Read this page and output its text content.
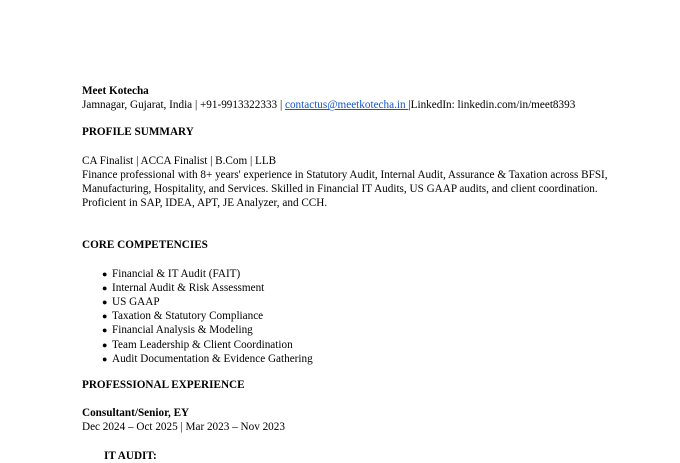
Meet Kotecha

Jamnagar, Gujarat, India | +91-9913322333 | contactus@meetkotecha.in |LinkedIn: linkedin.com/in/meet8393

PROFILE SUMMARY

CA Finalist | ACCA Finalist | B.Com | LLB

Finance professional with 8+ years' experience in Statutory Audit, Internal Audit, Assurance & Taxation across BFSI, Manufacturing, Hospitality, and Services. Skilled in Financial IT Audits, US GAAP audits, and client coordination. Proficient in SAP, IDEA, APT, JE Analyzer, and CCH.

CORE COMPETENCIES

● Financial & IT Audit (FAIT)
● Internal Audit & Risk Assessment
● US GAAP
● Taxation & Statutory Compliance
● Financial Analysis & Modeling
● Team Leadership & Client Coordination
● Audit Documentation & Evidence Gathering

PROFESSIONAL EXPERIENCE

Consultant/Senior, EY

Dec 2024 – Oct 2025 | Mar 2023 – Nov 2023

IT AUDIT:
